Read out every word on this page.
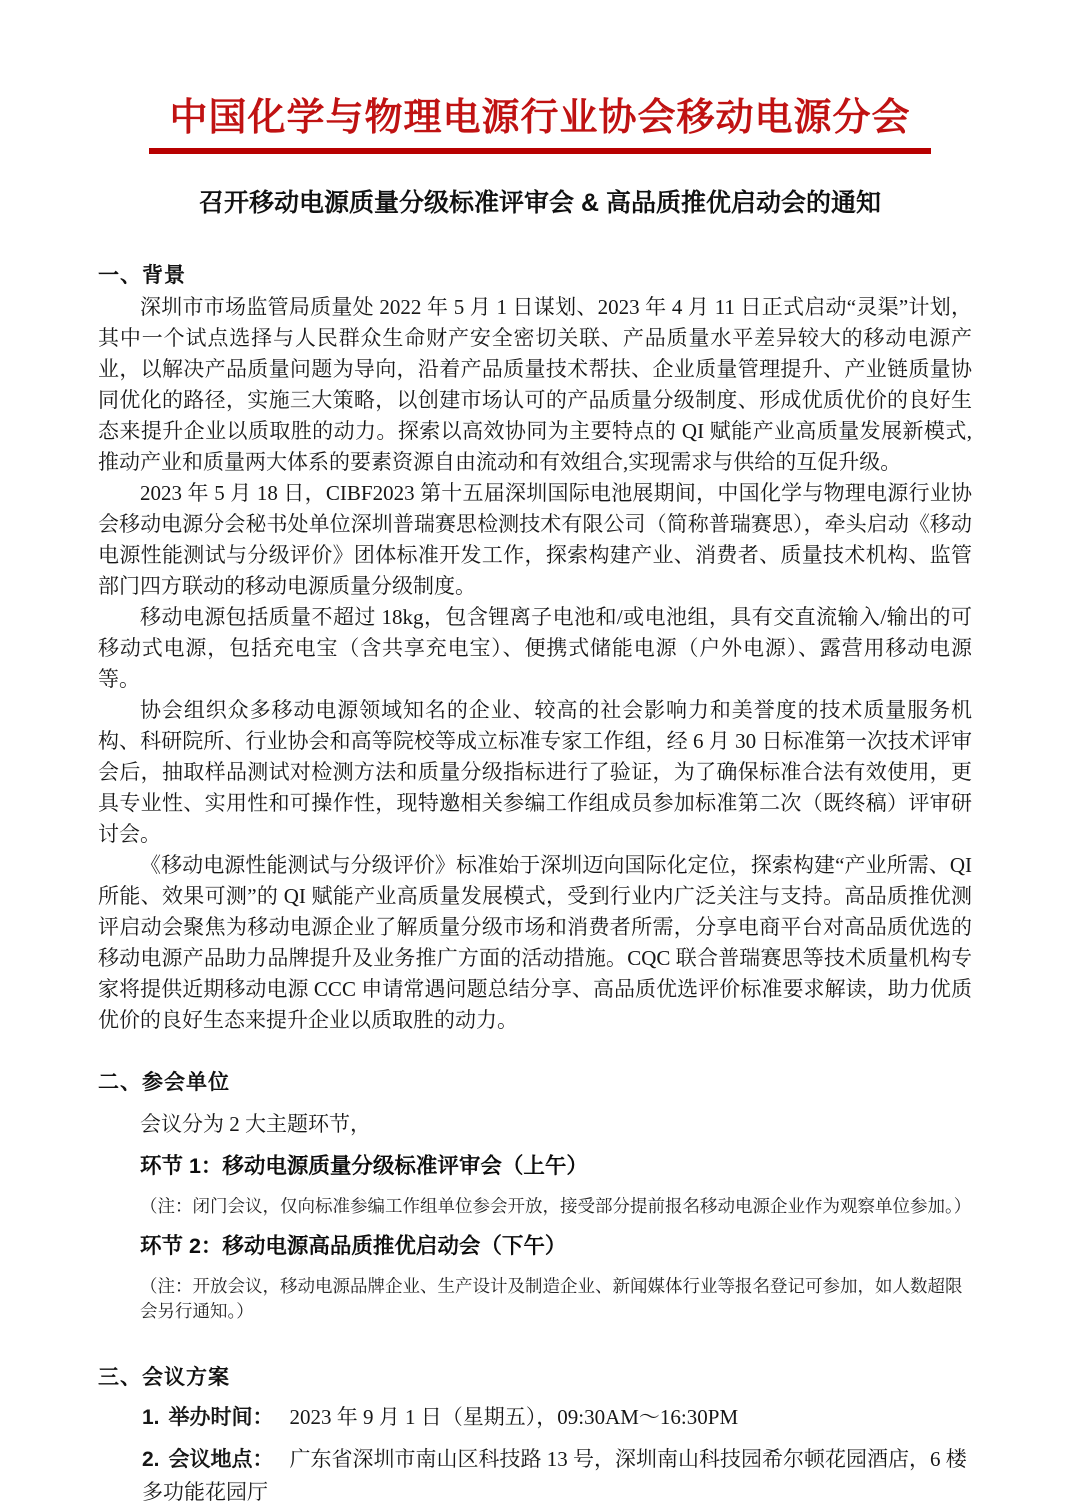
中国化学与物理电源行业协会移动电源分会
召开移动电源质量分级标准评审会 & 高品质推优启动会的通知
一、背景

深圳市市场监管局质量处 2022 年 5 月 1 日谋划、2023 年 4 月 11 日正式启动“灵渠”计划，其中一个试点选择与人民群众生命财产安全密切关联、产品质量水平差异较大的移动电源产业，以解决产品质量问题为导向，沿着产品质量技术帮扶、企业质量管理提升、产业链质量协同优化的路径，实施三大策略，以创建市场认可的产品质量分级制度、形成优质优价的良好生态来提升企业以质取胜的动力。探索以高效协同为主要特点的 QI 赋能产业高质量发展新模式,推动产业和质量两大体系的要素资源自由流动和有效组合,实现需求与供给的互促升级。

2023 年 5 月 18 日，CIBF2023 第十五届深圳国际电池展期间，中国化学与物理电源行业协会移动电源分会秘书处单位深圳普瑞赛思检测技术有限公司（简称普瑞赛思），牵头启动《移动电源性能测试与分级评价》团体标准开发工作，探索构建产业、消费者、质量技术机构、监管部门四方联动的移动电源质量分级制度。

移动电源包括质量不超过 18kg，包含锂离子电池和/或电池组，具有交直流输入/输出的可移动式电源，包括充电宝（含共享充电宝）、便携式储能电源（户外电源）、露营用移动电源等。

协会组织众多移动电源领域知名的企业、较高的社会影响力和美誉度的技术质量服务机构、科研院所、行业协会和高等院校等成立标准专家工作组，经 6 月 30 日标准第一次技术评审会后，抽取样品测试对检测方法和质量分级指标进行了验证，为了确保标准合法有效使用，更具专业性、实用性和可操作性，现特邀相关参编工作组成员参加标准第二次（既终稿）评审研讨会。

《移动电源性能测试与分级评价》标准始于深圳迈向国际化定位，探索构建“产业所需、QI 所能、效果可测”的 QI 赋能产业高质量发展模式，受到行业内广泛关注与支持。高品质推优测评启动会聚焦为移动电源企业了解质量分级市场和消费者所需，分享电商平台对高品质优选的移动电源产品助力品牌提升及业务推广方面的活动措施。CQC 联合普瑞赛思等技术质量机构专家将提供近期移动电源 CCC 申请常遇问题总结分享、高品质优选评价标准要求解读，助力优质优价的良好生态来提升企业以质取胜的动力。

二、参会单位
会议分为 2 大主题环节，
环节 1：移动电源质量分级标准评审会（上午）
（注：闭门会议，仅向标准参编工作组单位参会开放，接受部分提前报名移动电源企业作为观察单位参加。）
环节 2：移动电源高品质推优启动会（下午）
（注：开放会议，移动电源品牌企业、生产设计及制造企业、新闻媒体行业等报名登记可参加，如人数超限会另行通知。）
三、会议方案
1. 举办时间： 2023 年 9 月 1 日（星期五），09:30AM～16:30PM
2. 会议地点： 广东省深圳市南山区科技路 13 号，深圳南山科技园希尔顿花园酒店，6 楼多功能花园厅
